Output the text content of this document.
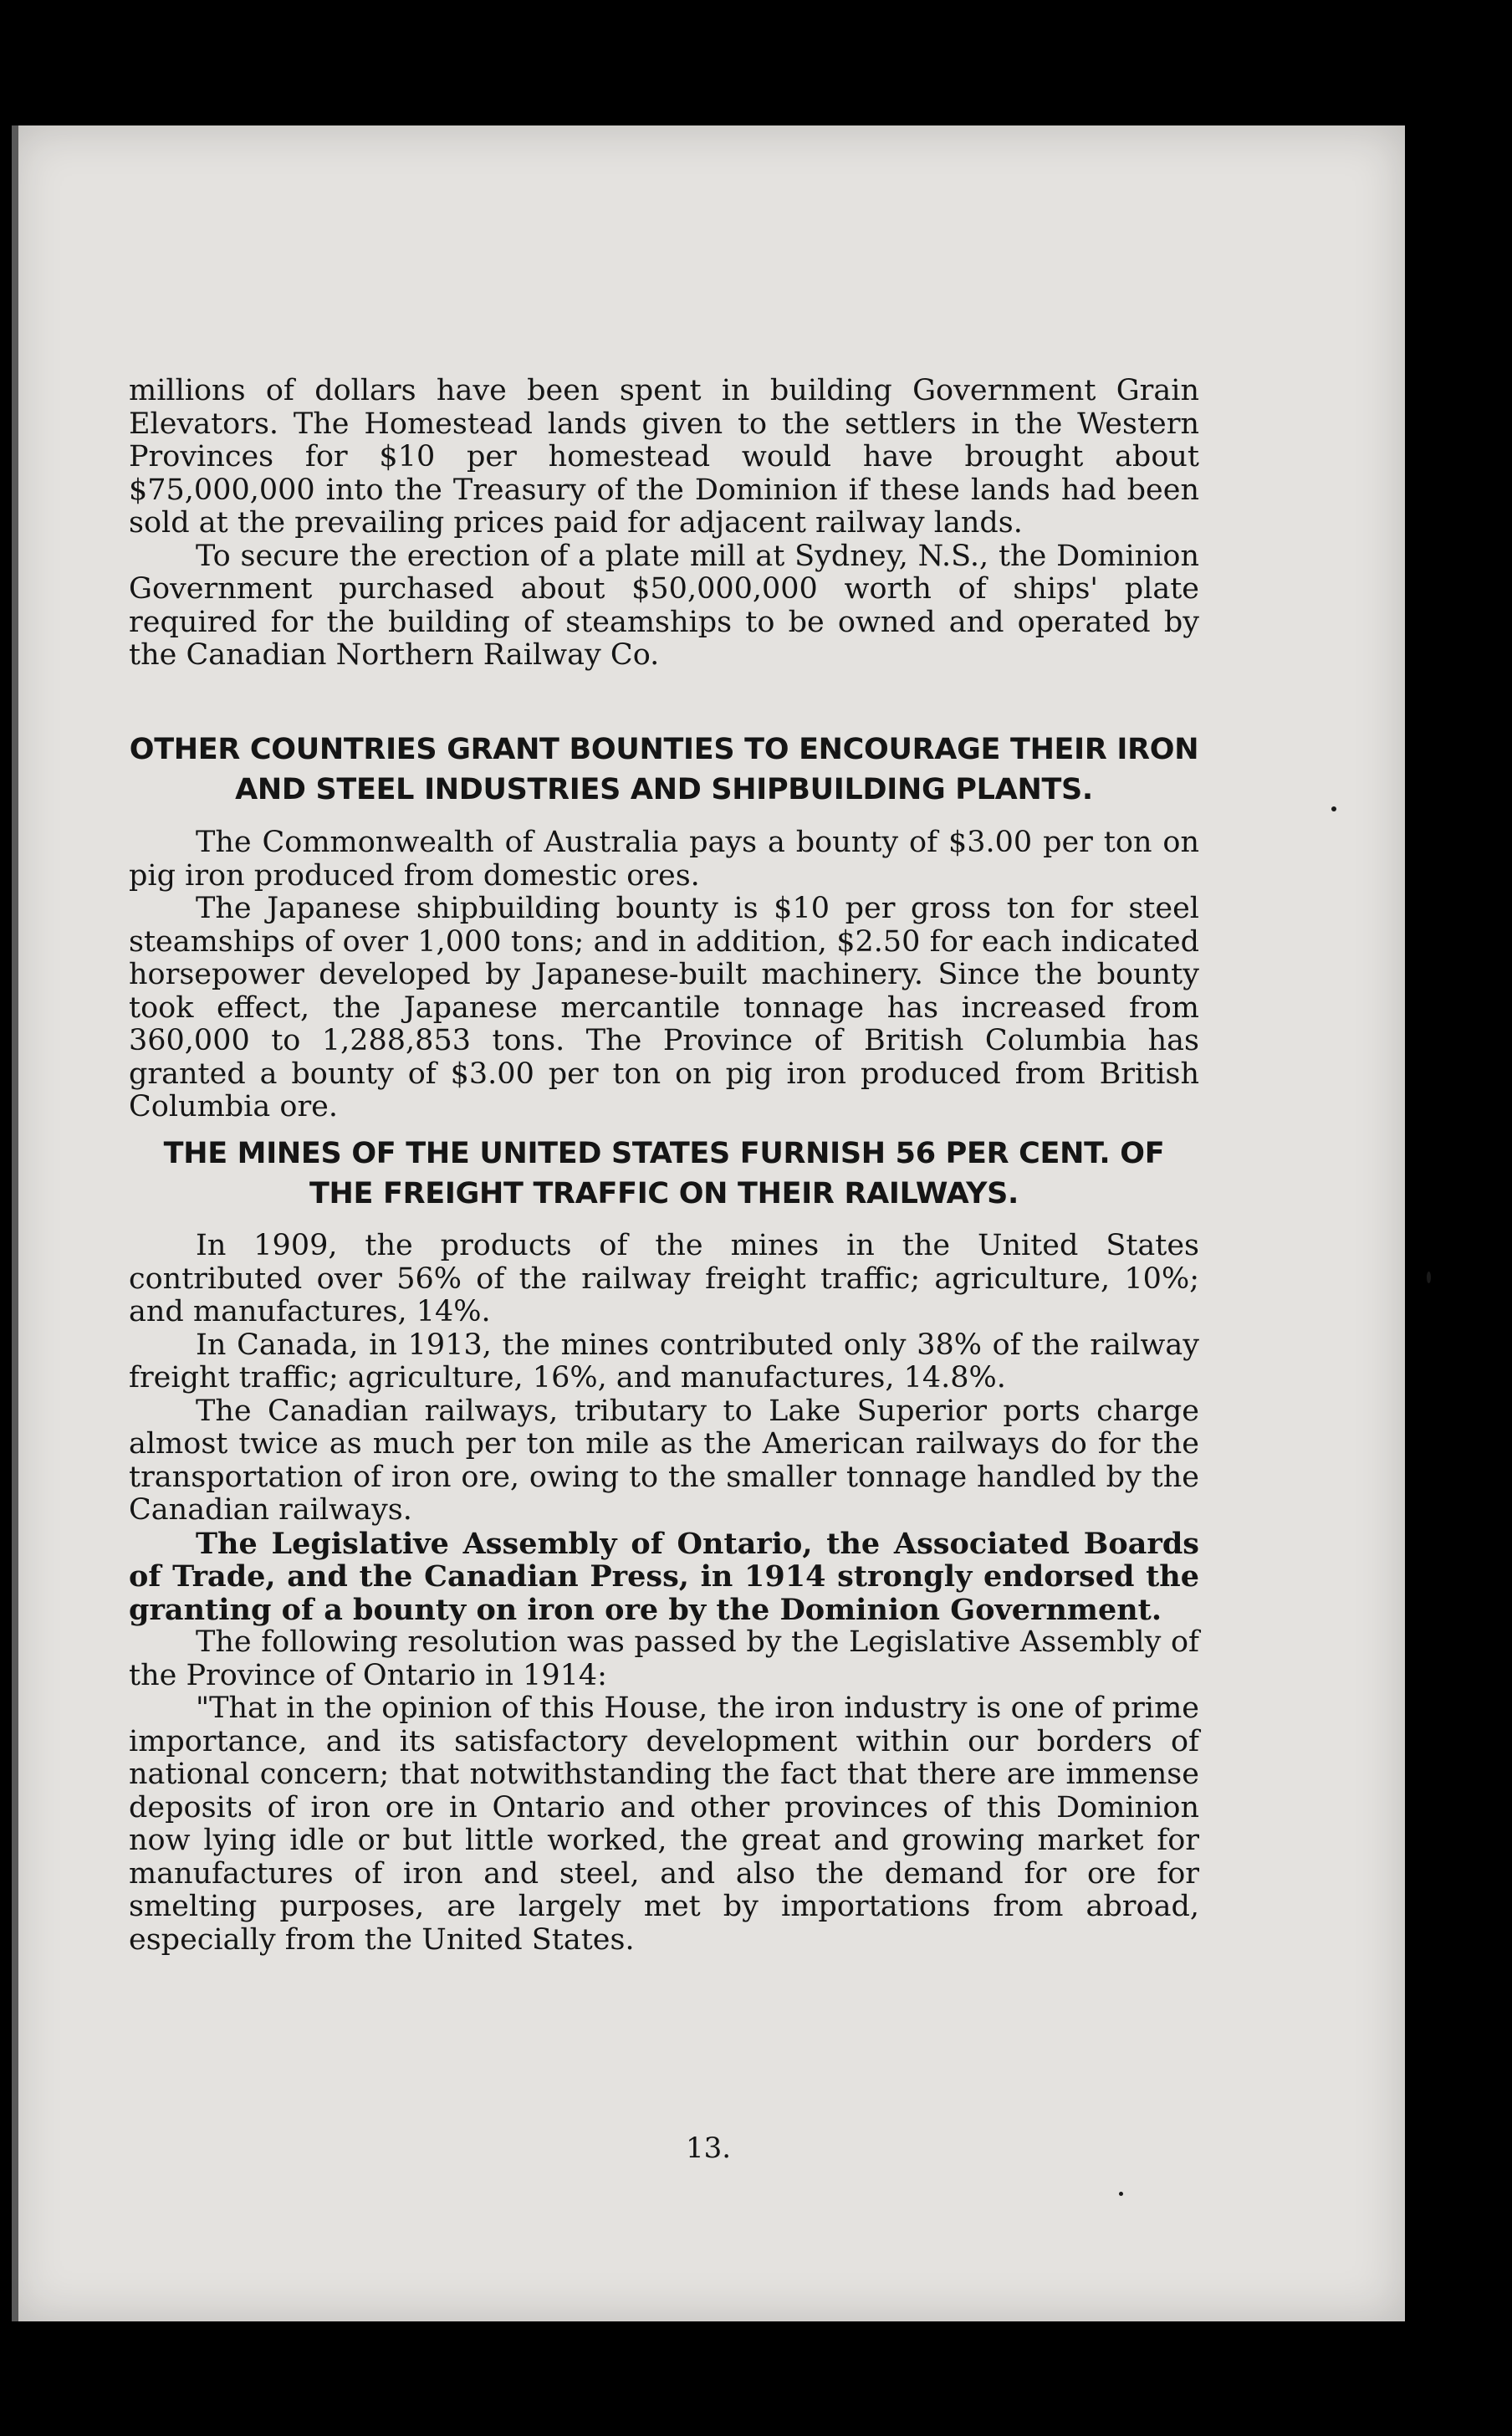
millions of dollars have been spent in building Government Grain Elevators. The Homestead lands given to the settlers in the Western Provinces for $10 per homestead would have brought about $75,000,000 into the Treasury of the Dominion if these lands had been sold at the prevailing prices paid for adjacent railway lands.

To secure the erection of a plate mill at Sydney, N.S., the Dominion Government purchased about $50,000,000 worth of ships' plate required for the building of steamships to be owned and operated by the Canadian Northern Railway Co.

OTHER COUNTRIES GRANT BOUNTIES TO ENCOURAGE THEIR IRON AND STEEL INDUSTRIES AND SHIPBUILDING PLANTS.

The Commonwealth of Australia pays a bounty of $3.00 per ton on pig iron produced from domestic ores.

The Japanese shipbuilding bounty is $10 per gross ton for steel steamships of over 1,000 tons; and in addition, $2.50 for each indicated horsepower developed by Japanese-built machinery. Since the bounty took effect, the Japanese mercantile tonnage has increased from 360,000 to 1,288,853 tons. The Province of British Columbia has granted a bounty of $3.00 per ton on pig iron produced from British Columbia ore.

THE MINES OF THE UNITED STATES FURNISH 56 PER CENT. OF THE FREIGHT TRAFFIC ON THEIR RAILWAYS.

In 1909, the products of the mines in the United States contributed over 56% of the railway freight traffic; agriculture, 10%; and manufactures, 14%.

In Canada, in 1913, the mines contributed only 38% of the railway freight traffic; agriculture, 16%, and manufactures, 14.8%.

The Canadian railways, tributary to Lake Superior ports charge almost twice as much per ton mile as the American railways do for the transportation of iron ore, owing to the smaller tonnage handled by the Canadian railways.

The Legislative Assembly of Ontario, the Associated Boards of Trade, and the Canadian Press, in 1914 strongly endorsed the granting of a bounty on iron ore by the Dominion Government.

The following resolution was passed by the Legislative Assembly of the Province of Ontario in 1914:

"That in the opinion of this House, the iron industry is one of prime importance, and its satisfactory development within our borders of national concern; that notwithstanding the fact that there are immense deposits of iron ore in Ontario and other provinces of this Dominion now lying idle or but little worked, the great and growing market for manufactures of iron and steel, and also the demand for ore for smelting purposes, are largely met by importations from abroad, especially from the United States.

13.
